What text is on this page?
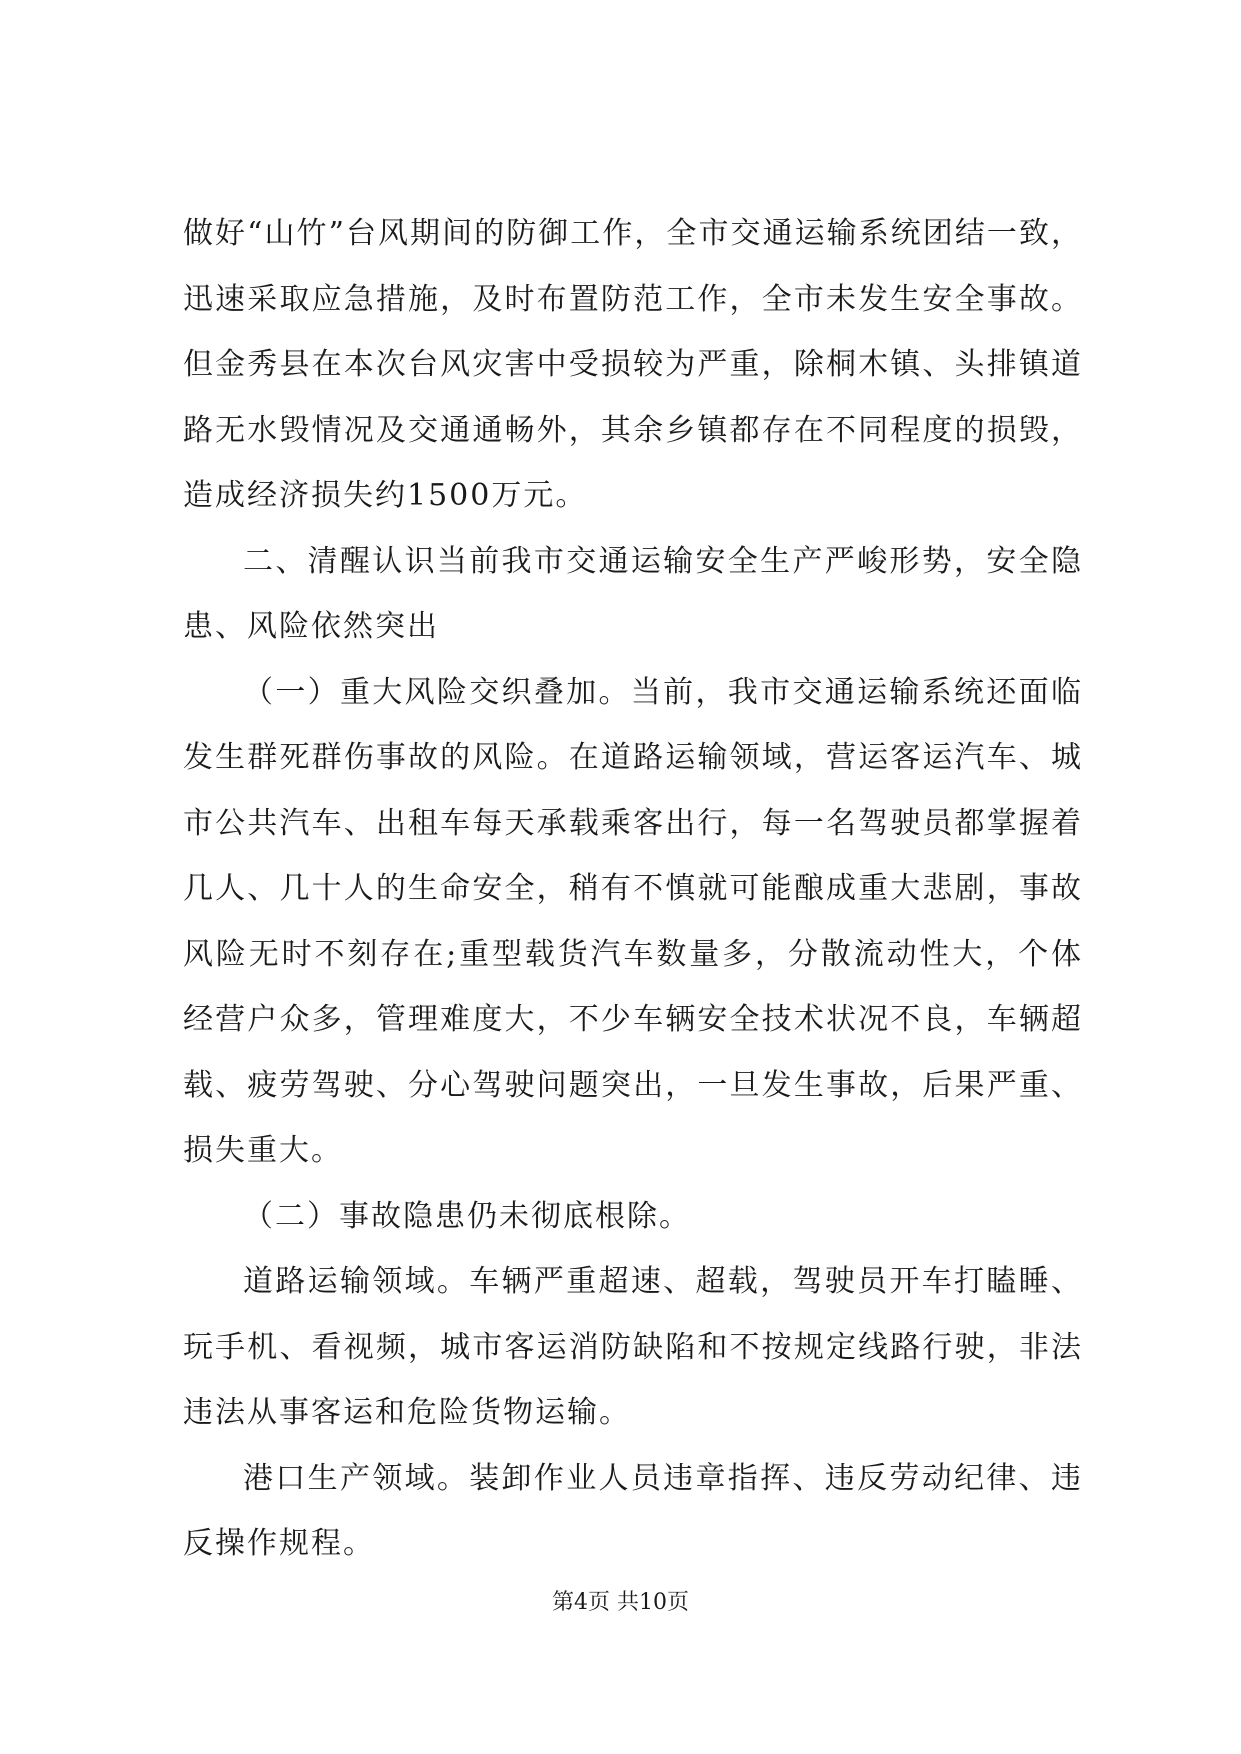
做好“山竹”台风期间的防御工作，全市交通运输系统团结一致，迅速采取应急措施，及时布置防范工作，全市未发生安全事故。但金秀县在本次台风灾害中受损较为严重，除桐木镇、头排镇道路无水毁情况及交通通畅外，其余乡镇都存在不同程度的损毁，造成经济损失约1500万元。

二、清醒认识当前我市交通运输安全生产严峻形势，安全隐患、风险依然突出

（一）重大风险交织叠加。当前，我市交通运输系统还面临发生群死群伤事故的风险。在道路运输领域，营运客运汽车、城市公共汽车、出租车每天承载乘客出行，每一名驾驶员都掌握着几人、几十人的生命安全，稍有不慎就可能酿成重大悲剧，事故风险无时不刻存在;重型载货汽车数量多，分散流动性大，个体经营户众多，管理难度大，不少车辆安全技术状况不良，车辆超载、疲劳驾驶、分心驾驶问题突出，一旦发生事故，后果严重、损失重大。

（二）事故隐患仍未彻底根除。

道路运输领域。车辆严重超速、超载，驾驶员开车打瞌睡、玩手机、看视频，城市客运消防缺陷和不按规定线路行驶，非法违法从事客运和危险货物运输。

港口生产领域。装卸作业人员违章指挥、违反劳动纪律、违反操作规程。

第4页 共10页
